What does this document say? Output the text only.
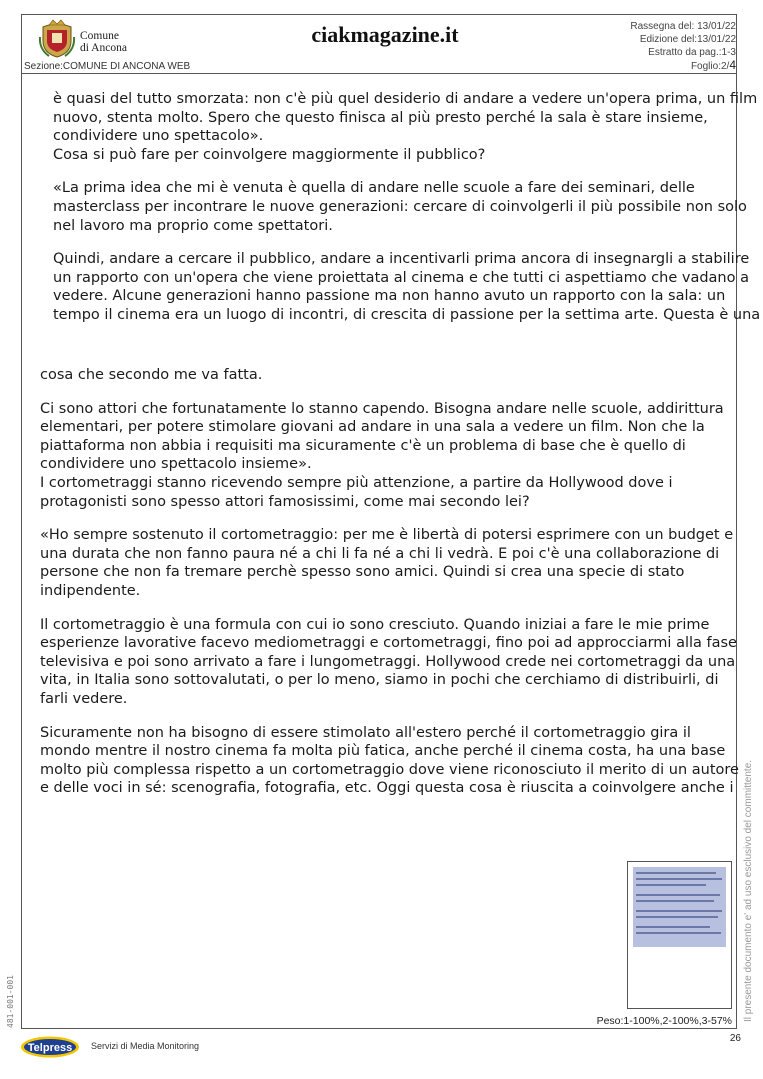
Comune
di Ancona
ciakmagazine.it	Rassegna del: 13/01/22
Edizione del:13/01/22
Estratto da pag.:1-3
Foglio:2/4
Sezione:COMUNE DI ANCONA WEB

è quasi del tutto smorzata: non c'è più quel desiderio di andare a vedere un'opera prima, un film
nuovo, stenta molto. Spero che questo finisca al più presto perché la sala è stare insieme,
condividere uno spettacolo».
Cosa si può fare per coinvolgere maggiormente il pubblico?

«La prima idea che mi è venuta è quella di andare nelle scuole a fare dei seminari, delle
masterclass per incontrare le nuove generazioni: cercare di coinvolgerli il più possibile non solo
nel lavoro ma proprio come spettatori.

Quindi, andare a cercare il pubblico, andare a incentivarli prima ancora di insegnargli a stabilire
un rapporto con un'opera che viene proiettata al cinema e che tutti ci aspettiamo che vadano a
vedere. Alcune generazioni hanno passione ma non hanno avuto un rapporto con la sala: un
tempo il cinema era un luogo di incontri, di crescita di passione per la settima arte. Questa è una

cosa che secondo me va fatta.

Ci sono attori che fortunatamente lo stanno capendo. Bisogna andare nelle scuole, addirittura
elementari, per potere stimolare giovani ad andare in una sala a vedere un film. Non che la
piattaforma non abbia i requisiti ma sicuramente c'è un problema di base che è quello di
condividere uno spettacolo insieme».
I cortometraggi stanno ricevendo sempre più attenzione, a partire da Hollywood dove i
protagonisti sono spesso attori famosissimi, come mai secondo lei?

«Ho sempre sostenuto il cortometraggio: per me è libertà di potersi esprimere con un budget e
una durata che non fanno paura né a chi li fa né a chi li vedrà. E poi c'è una collaborazione di
persone che non fa tremare perchè spesso sono amici. Quindi si crea una specie di stato
indipendente.

Il cortometraggio è una formula con cui io sono cresciuto. Quando iniziai a fare le mie prime
esperienze lavorative facevo mediometraggi e cortometraggi, fino poi ad approcciarmi alla fase
televisiva e poi sono arrivato a fare i lungometraggi. Hollywood crede nei cortometraggi da una
vita, in Italia sono sottovalutati, o per lo meno, siamo in pochi che cerchiamo di distribuirli, di
farli vedere.

Sicuramente non ha bisogno di essere stimolato all'estero perché il cortometraggio gira il
mondo mentre il nostro cinema fa molta più fatica, anche perché il cinema costa, ha una base
molto più complessa rispetto a un cortometraggio dove viene riconosciuto il merito di un autore
e delle voci in sé: scenografia, fotografia, etc. Oggi questa cosa è riuscita a coinvolgere anche i

Peso:1-100%,2-100%,3-57%
26
Il presente documento e' ad uso esclusivo del committente.
481-001-001
Telpress Servizi di Media Monitoring
